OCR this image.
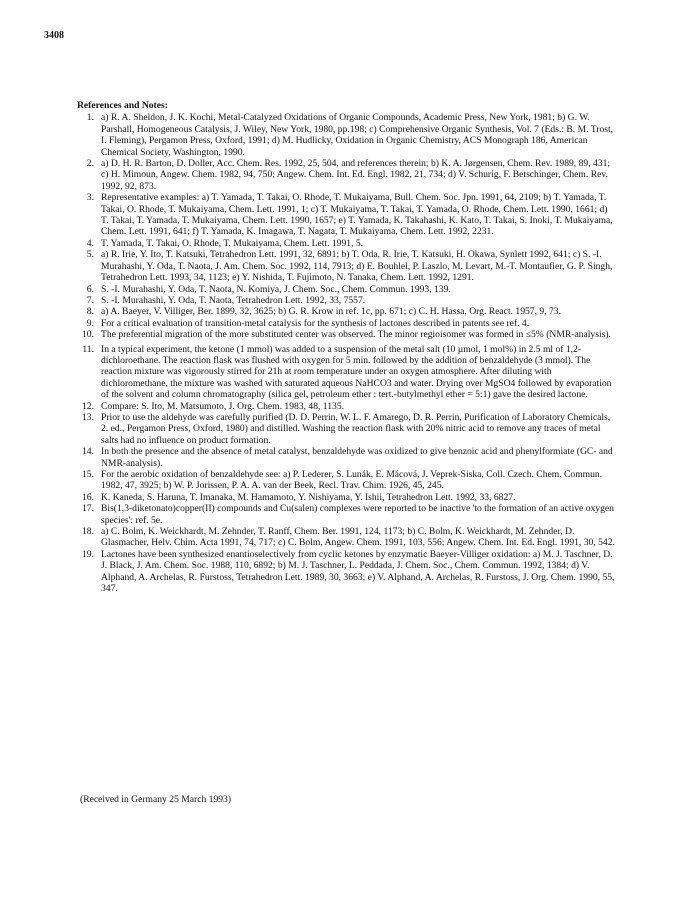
3408
References and Notes:
1. a) R. A. Sheldon, J. K. Kochi, Metal-Catalyzed Oxidations of Organic Compounds, Academic Press, New York, 1981; b) G. W. Parshall, Homogeneous Catalysis, J. Wiley, New York, 1980, pp.198; c) Comprehensive Organic Synthesis, Vol. 7 (Eds.: B. M. Trost, I. Fleming), Pergamon Press, Oxford, 1991; d) M. Hudlicky, Oxidation in Organic Chemistry, ACS Monograph 186, American Chemical Society, Washington, 1990.
2. a) D. H. R. Barton, D. Doller, Acc. Chem. Res. 1992, 25, 504, and references therein; b) K. A. Jørgensen, Chem. Rev. 1989, 89, 431; c) H. Mimoun, Angew. Chem. 1982, 94, 750; Angew. Chem. Int. Ed. Engl. 1982, 21, 734; d) V. Schurig, F. Betschinger, Chem. Rev. 1992, 92, 873.
3. Representative examples: a) T. Yamada, T. Takai, O. Rhode, T. Mukaiyama, Bull. Chem. Soc. Jpn. 1991, 64, 2109; b) T. Yamada, T. Takai, O. Rhode, T. Mukaiyama, Chem. Lett. 1991, 1; c) T. Mukaiyama, T. Takai, T. Yamada, O. Rhode, Chem. Lett. 1990, 1661; d) T. Takai, T. Yamada, T. Mukaiyama, Chem. Lett. 1990, 1657; e) T. Yamada, K. Takahashi, K. Kato, T. Takai, S. Inoki, T. Mukaiyama, Chem. Lett. 1991, 641; f) T. Yamada, K. Imagawa, T. Nagata, T. Mukaiyama, Chem. Lett. 1992, 2231.
4. T. Yamada, T. Takai, O. Rhode, T. Mukaiyama, Chem. Lett. 1991, 5.
5. a) R. Irie, Y. Ito, T. Katsuki, Tetrahedron Lett. 1991, 32, 6891; b) T. Oda, R. Irie, T. Katsuki, H. Okawa, Synlett 1992, 641; c) S. -I. Murahashi, Y. Oda, T. Naota, J. Am. Chem. Soc. 1992, 114, 7913; d) E. Bouhlel, P. Laszlo, M. Levart, M.-T. Montaufier, G. P. Singh, Tetrahedron Lett. 1993, 34, 1123; e) Y. Nishida, T. Fujimoto, N. Tanaka, Chem. Lett. 1992, 1291.
6. S. -I. Murahashi, Y. Oda, T. Naota, N. Komiya, J. Chem. Soc., Chem. Commun. 1993, 139.
7. S. -I. Murahashi, Y. Oda, T. Naota, Tetrahedron Lett. 1992, 33, 7557.
8. a) A. Baeyer, V. Villiger, Ber. 1899, 32, 3625; b) G. R. Krow in ref. 1c, pp. 671; c) C. H. Hassa, Org. React. 1957, 9, 73.
9. For a critical evaluation of transition-metal catalysis for the synthesis of lactones described in patents see ref. 4.
10. The preferential migration of the more substituted center was observed. The minor regioisomer was formed in ≤5% (NMR-analysis).
11. In a typical experiment, the ketone (1 mmol) was added to a suspension of the metal salt (10 µmol, 1 mol%) in 2.5 ml of 1,2-dichloroethane. The reaction flask was flushed with oxygen for 5 min. followed by the addition of benzaldehyde (3 mmol). The reaction mixture was vigorously stirred for 21h at room temperature under an oxygen atmosphere. After diluting with dichloromethane, the mixture was washed with saturated aqueous NaHCO3 and water. Drying over MgSO4 followed by evaporation of the solvent and column chromatography (silica gel, petroleum ether : tert.-butylmethyl ether = 5:1) gave the desired lactone.
12. Compare: S. Ito, M. Matsumoto, J. Org. Chem. 1983, 48, 1135.
13. Prior to use the aldehyde was carefully purified (D. D. Perrin, W. L. F. Amarego, D. R. Perrin, Purification of Laboratory Chemicals, 2. ed., Pergamon Press, Oxford, 1980) and distilled. Washing the reaction flask with 20% nitric acid to remove any traces of metal salts had no influence on product formation.
14. In both the presence and the absence of metal catalyst, benzaldehyde was oxidized to give benzoic acid and phenylformiate (GC- and NMR-analysis).
15. For the aerobic oxidation of benzaldehyde see: a) P. Lederer, S. Lunák, E. Mácová, J. Veprek-Siska, Coll. Czech. Chem. Commun. 1982, 47, 3925; b) W. P. Jorissen, P. A. A. van der Beek, Recl. Trav. Chim. 1926, 45, 245.
16. K. Kaneda, S. Haruna, T. Imanaka, M. Hamamoto, Y. Nishiyama, Y. Ishii, Tetrahedron Lett. 1992, 33, 6827.
17. Bis(1,3-diketonato)copper(II) compounds and Cu(salen) complexes were reported to be inactive 'to the formation of an active oxygen species': ref. 5e.
18. a) C. Bolm, K. Weickhardt, M. Zehnder, T. Ranff, Chem. Ber. 1991, 124, 1173; b) C. Bolm, K. Weickhardt, M. Zehnder, D. Glasmacher, Helv. Chim. Acta 1991, 74, 717; c) C. Bolm, Angew. Chem. 1991, 103, 556; Angew. Chem. Int. Ed. Engl. 1991, 30, 542.
19. Lactones have been synthesized enantioselectively from cyclic ketones by enzymatic Baeyer-Villiger oxidation: a) M. J. Taschner, D. J. Black, J. Am. Chem. Soc. 1988, 110, 6892; b) M. J. Taschner, L. Peddada, J. Chem. Soc., Chem. Commun. 1992, 1384; d) V. Alphand, A. Archelas, R. Furstoss, Tetrahedron Lett. 1989, 30, 3663; e) V. Alphand, A. Archelas, R. Furstoss, J. Org. Chem. 1990, 55, 347.
(Received in Germany 25 March 1993)
